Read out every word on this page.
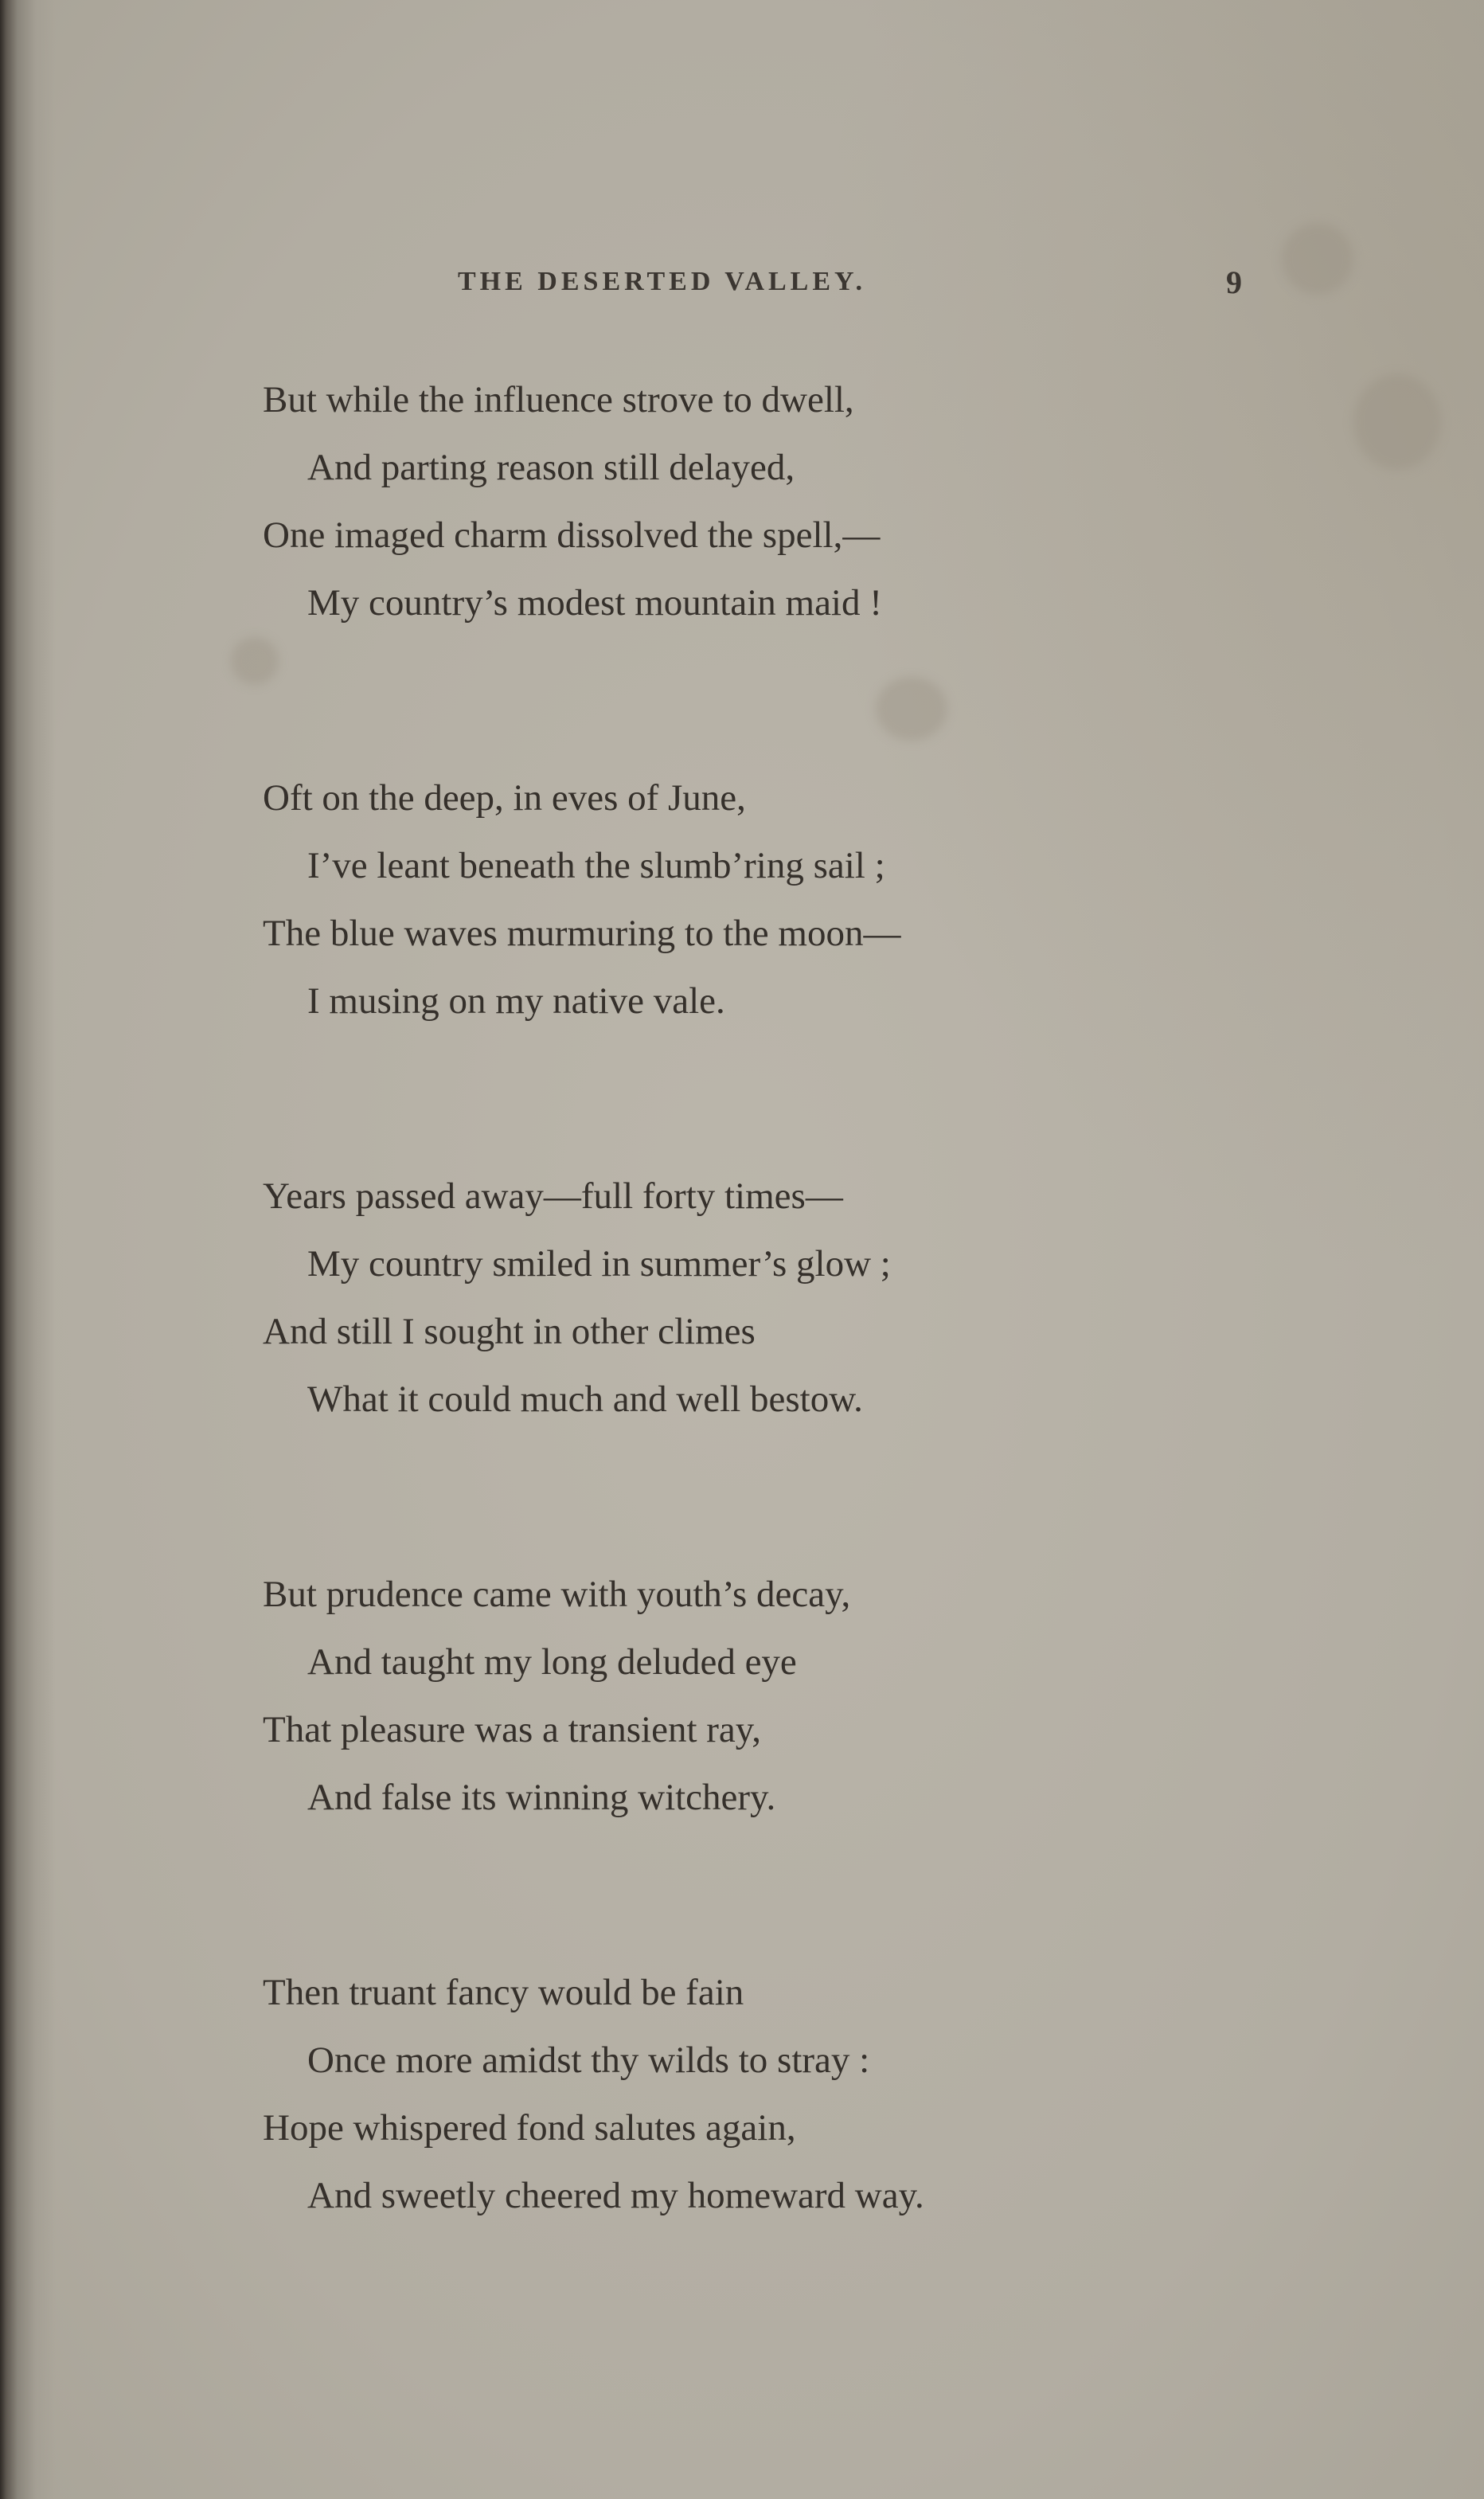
THE DESERTED VALLEY.	9
But while the influence strove to dwell,
And parting reason still delayed,
One imaged charm dissolved the spell,—
My country’s modest mountain maid !
Oft on the deep, in eves of June,
I’ve leant beneath the slumb’ring sail ;
The blue waves murmuring to the moon—
I musing on my native vale.
Years passed away—full forty times—
My country smiled in summer’s glow ;
And still I sought in other climes
What it could much and well bestow.
But prudence came with youth’s decay,
And taught my long deluded eye
That pleasure was a transient ray,
And false its winning witchery.
Then truant fancy would be fain
Once more amidst thy wilds to stray :
Hope whispered fond salutes again,
And sweetly cheered my homeward way.
